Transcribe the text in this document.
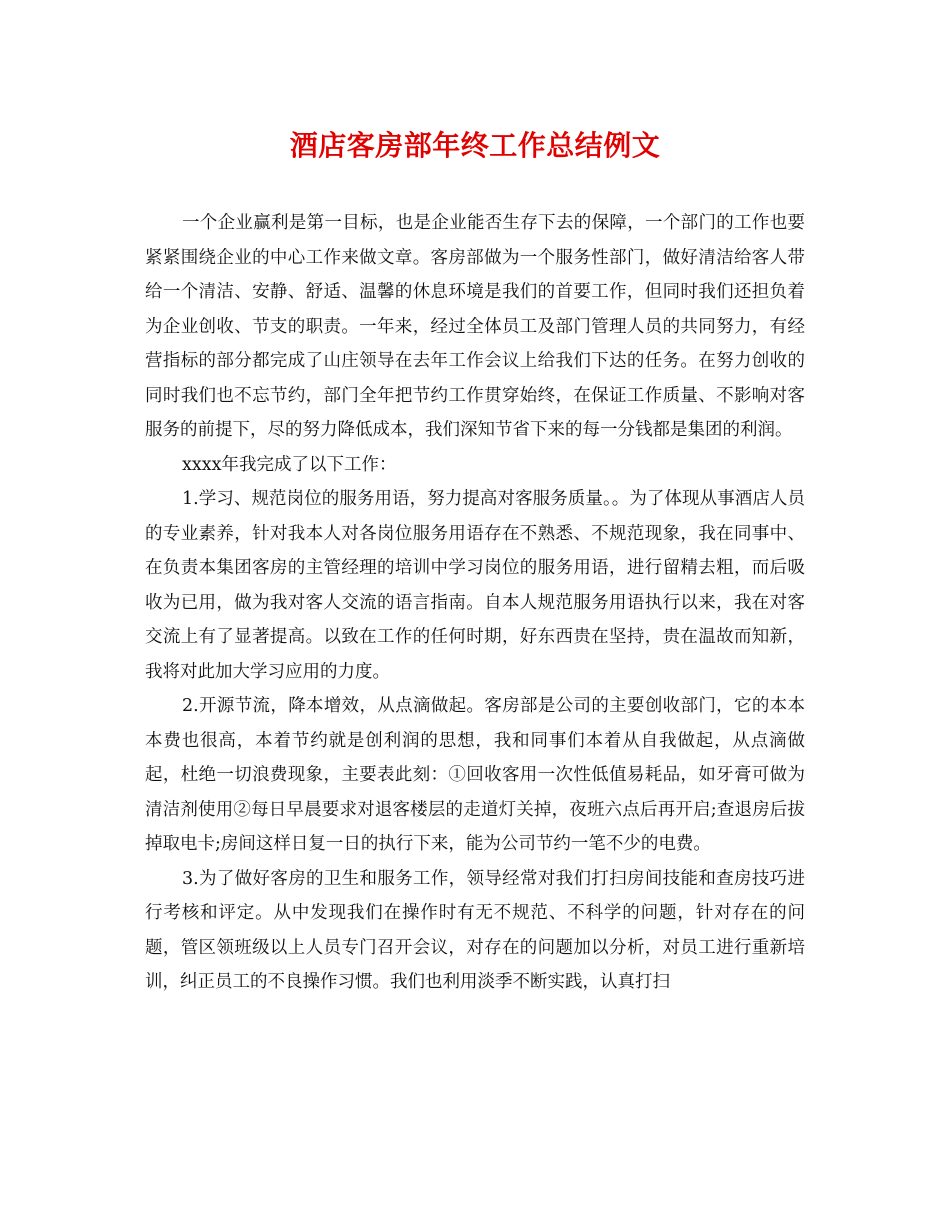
酒店客房部年终工作总结例文

一个企业赢利是第一目标，也是企业能否生存下去的保障，一个部门的工作也要紧紧围绕企业的中心工作来做文章。客房部做为一个服务性部门，做好清洁给客人带给一个清洁、安静、舒适、温馨的休息环境是我们的首要工作，但同时我们还担负着为企业创收、节支的职责。一年来，经过全体员工及部门管理人员的共同努力，有经营指标的部分都完成了山庄领导在去年工作会议上给我们下达的任务。在努力创收的同时我们也不忘节约，部门全年把节约工作贯穿始终，在保证工作质量、不影响对客服务的前提下，尽的努力降低成本，我们深知节省下来的每一分钱都是集团的利润。

xxxx年我完成了以下工作：

1.学习、规范岗位的服务用语，努力提高对客服务质量。。为了体现从事酒店人员的专业素养，针对我本人对各岗位服务用语存在不熟悉、不规范现象，我在同事中、在负责本集团客房的主管经理的培训中学习岗位的服务用语，进行留精去粗，而后吸收为已用，做为我对客人交流的语言指南。自本人规范服务用语执行以来，我在对客交流上有了显著提高。以致在工作的任何时期，好东西贵在坚持，贵在温故而知新，我将对此加大学习应用的力度。

2.开源节流，降本增效，从点滴做起。客房部是公司的主要创收部门，它的本本本费也很高，本着节约就是创利润的思想，我和同事们本着从自我做起，从点滴做起，杜绝一切浪费现象，主要表此刻：①回收客用一次性低值易耗品，如牙膏可做为清洁剂使用②每日早晨要求对退客楼层的走道灯关掉，夜班六点后再开启;查退房后拔掉取电卡;房间这样日复一日的执行下来，能为公司节约一笔不少的电费。

3.为了做好客房的卫生和服务工作，领导经常对我们打扫房间技能和查房技巧进行考核和评定。从中发现我们在操作时有无不规范、不科学的问题，针对存在的问题，管区领班级以上人员专门召开会议，对存在的问题加以分析，对员工进行重新培训，纠正员工的不良操作习惯。我们也利用淡季不断实践，认真打扫
